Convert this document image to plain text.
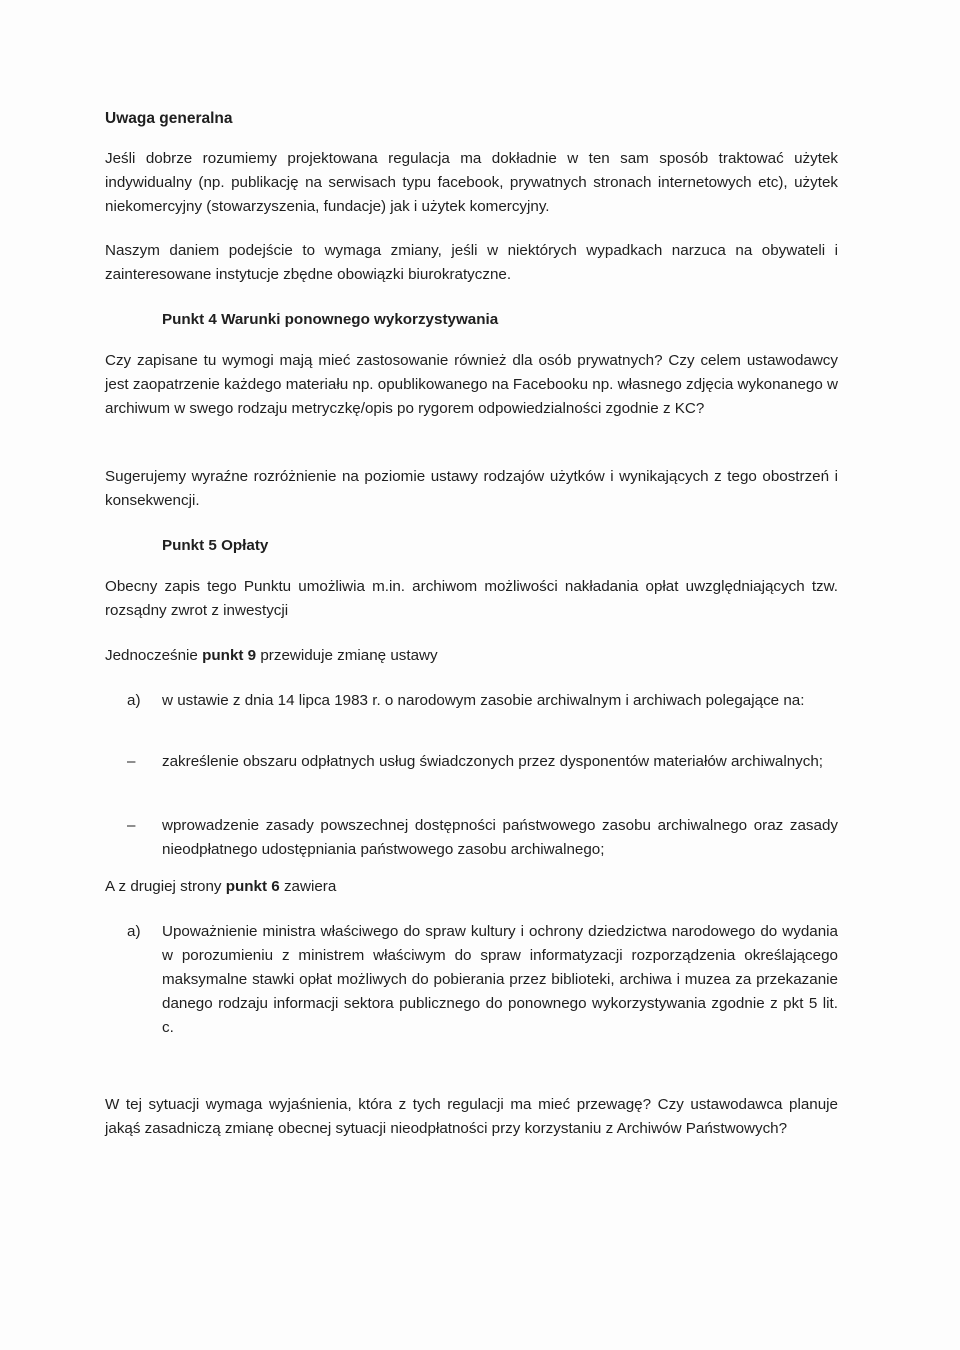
Uwaga generalna

Jeśli dobrze rozumiemy projektowana regulacja ma dokładnie w ten sam sposób traktować użytek indywidualny (np. publikację na serwisach typu facebook, prywatnych stronach internetowych etc), użytek niekomercyjny (stowarzyszenia, fundacje) jak i użytek komercyjny.

Naszym daniem podejście to wymaga zmiany, jeśli w niektórych wypadkach narzuca na obywateli i zainteresowane instytucje zbędne obowiązki biurokratyczne.

Punkt 4 Warunki ponownego wykorzystywania

Czy zapisane tu wymogi mają mieć zastosowanie również dla osób prywatnych? Czy celem ustawodawcy jest zaopatrzenie każdego materiału np. opublikowanego na Facebooku np. własnego zdjęcia wykonanego w archiwum w swego rodzaju metryczkę/opis po rygorem odpowiedzialności zgodnie z KC?

Sugerujemy wyraźne rozróżnienie na poziomie ustawy rodzajów użytków i wynikających z tego obostrzeń i konsekwencji.

Punkt 5 Opłaty

Obecny zapis tego Punktu umożliwia m.in. archiwom możliwości nakładania opłat uwzględniających tzw. rozsądny zwrot z inwestycji

Jednocześnie punkt 9 przewiduje zmianę ustawy

a) w ustawie z dnia 14 lipca 1983 r. o narodowym zasobie archiwalnym i archiwach polegające na:
– zakreślenie obszaru odpłatnych usług świadczonych przez dysponentów materiałów archiwalnych;
– wprowadzenie zasady powszechnej dostępności państwowego zasobu archiwalnego oraz zasady nieodpłatnego udostępniania państwowego zasobu archiwalnego;

A z drugiej strony punkt 6 zawiera

a) Upoważnienie ministra właściwego do spraw kultury i ochrony dziedzictwa narodowego do wydania w porozumieniu z ministrem właściwym do spraw informatyzacji rozporządzenia określającego maksymalne stawki opłat możliwych do pobierania przez biblioteki, archiwa i muzea za przekazanie danego rodzaju informacji sektora publicznego do ponownego wykorzystywania zgodnie z pkt 5 lit. c.

W tej sytuacji wymaga wyjaśnienia, która z tych regulacji ma mieć przewagę? Czy ustawodawca planuje jakąś zasadniczą zmianę obecnej sytuacji nieodpłatności przy korzystaniu z Archiwów Państwowych?
